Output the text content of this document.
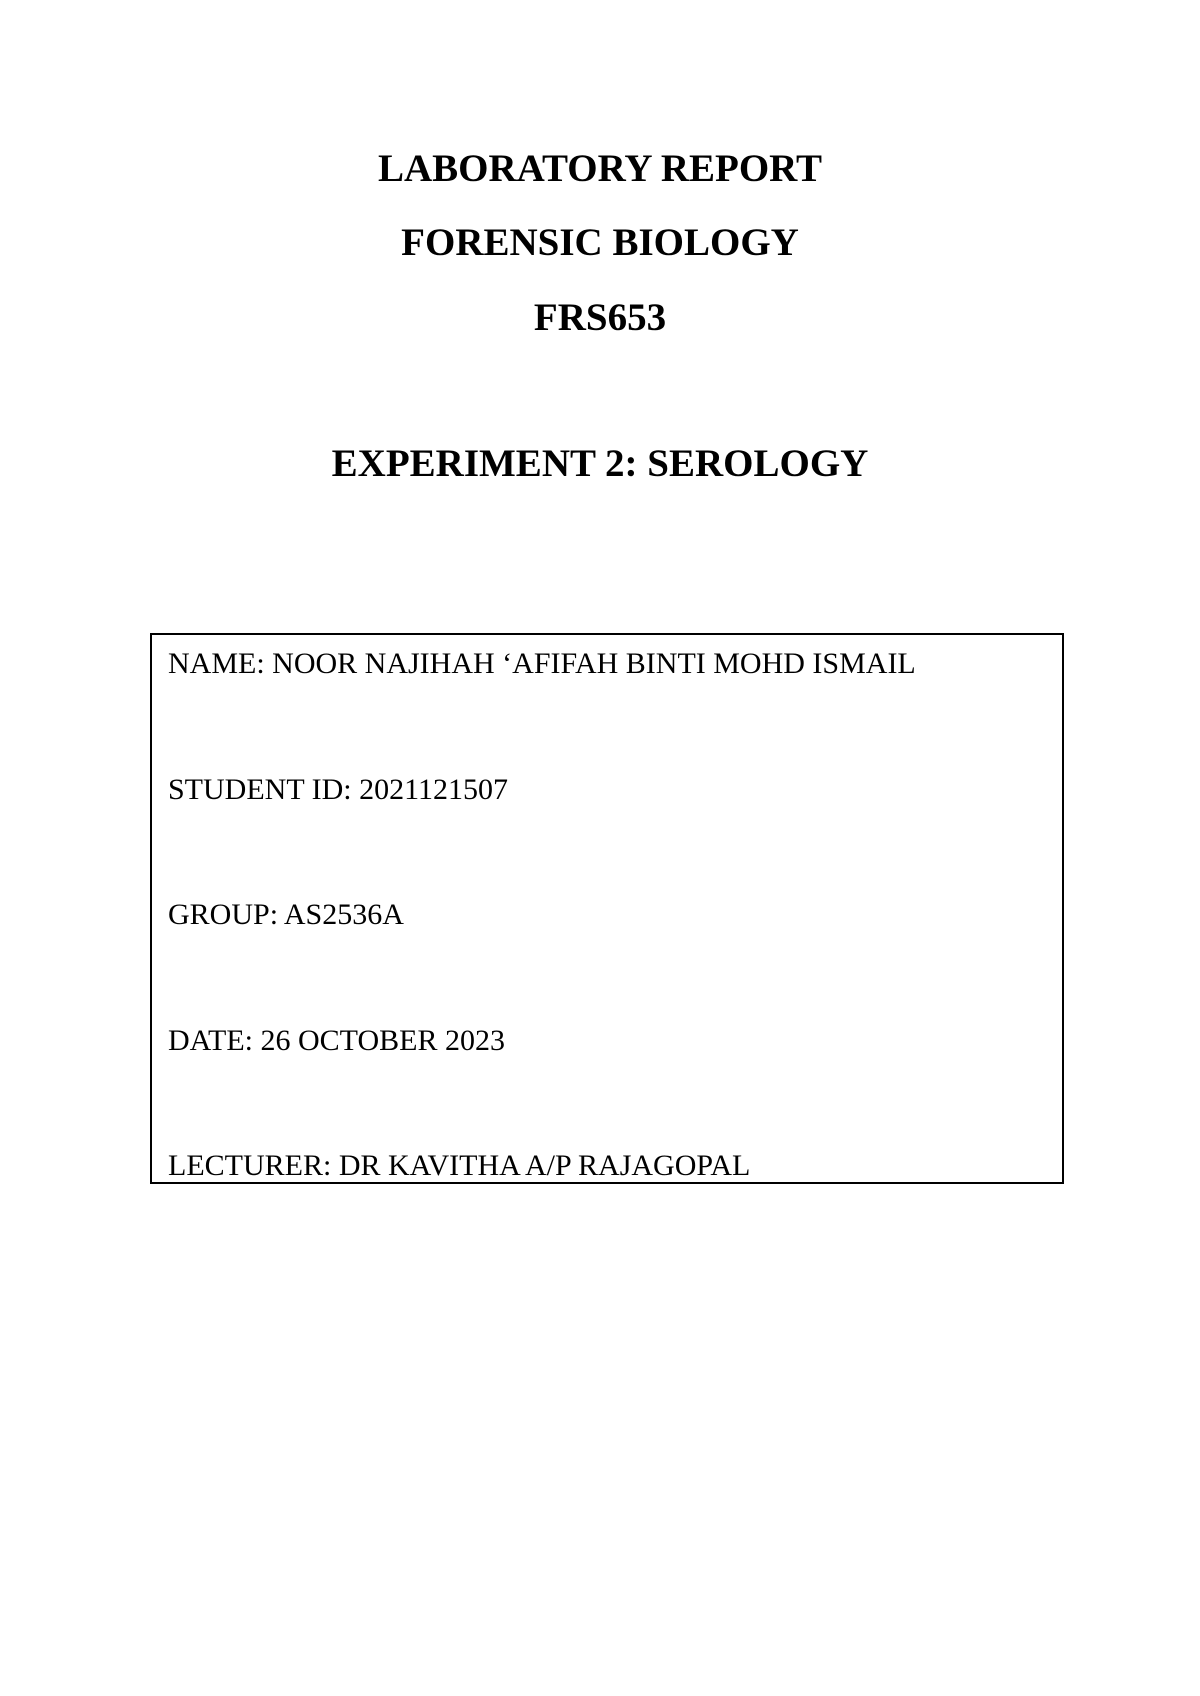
LABORATORY REPORT
FORENSIC BIOLOGY
FRS653
EXPERIMENT 2: SEROLOGY
NAME: NOOR NAJIHAH ‘AFIFAH BINTI MOHD ISMAIL
STUDENT ID: 2021121507
GROUP: AS2536A
DATE: 26 OCTOBER 2023
LECTURER: DR KAVITHA A/P RAJAGOPAL
